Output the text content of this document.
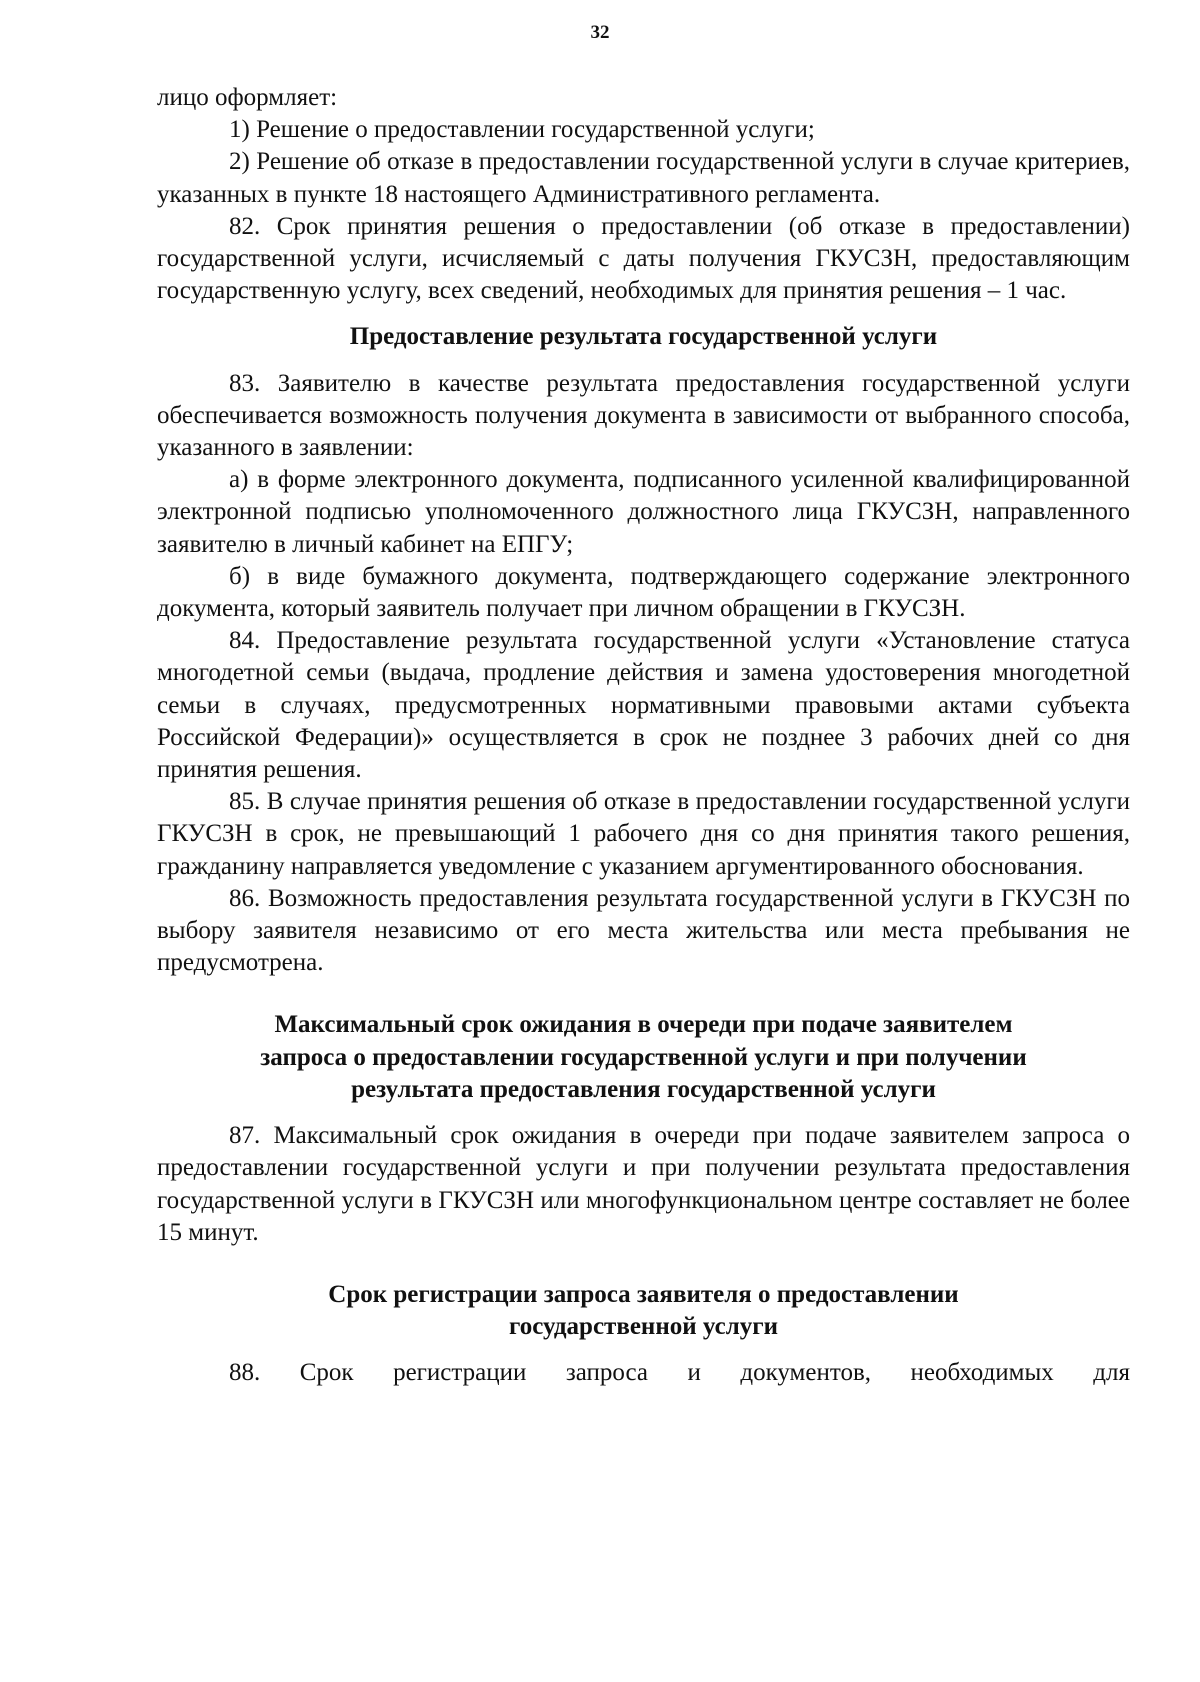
32

лицо оформляет:

1) Решение о предоставлении государственной услуги;

2) Решение об отказе в предоставлении государственной услуги в случае критериев, указанных в пункте 18 настоящего Административного регламента.

82. Срок принятия решения о предоставлении (об отказе в предоставлении) государственной услуги, исчисляемый с даты получения ГКУСЗН, предоставляющим государственную услугу, всех сведений, необходимых для принятия решения – 1 час.

Предоставление результата государственной услуги

83. Заявителю в качестве результата предоставления государственной услуги обеспечивается возможность получения документа в зависимости от выбранного способа, указанного в заявлении:

а) в форме электронного документа, подписанного усиленной квалифицированной электронной подписью уполномоченного должностного лица ГКУСЗН, направленного заявителю в личный кабинет на ЕПГУ;

б) в виде бумажного документа, подтверждающего содержание электронного документа, который заявитель получает при личном обращении в ГКУСЗН.

84. Предоставление результата государственной услуги «Установление статуса многодетной семьи (выдача, продление действия и замена удостоверения многодетной семьи в случаях, предусмотренных нормативными правовыми актами субъекта Российской Федерации)» осуществляется в срок не позднее 3 рабочих дней со дня принятия решения.

85. В случае принятия решения об отказе в предоставлении государственной услуги ГКУСЗН в срок, не превышающий 1 рабочего дня со дня принятия такого решения, гражданину направляется уведомление с указанием аргументированного обоснования.

86. Возможность предоставления результата государственной услуги в ГКУСЗН по выбору заявителя независимо от его места жительства или места пребывания не предусмотрена.

Максимальный срок ожидания в очереди при подаче заявителем

запроса о предоставлении государственной услуги и при получении

результата предоставления государственной услуги

87. Максимальный срок ожидания в очереди при подаче заявителем запроса о предоставлении государственной услуги и при получении результата предоставления государственной услуги в ГКУСЗН или многофункциональном центре составляет не более 15 минут.

Срок регистрации запроса заявителя о предоставлении

государственной услуги

88. Срок регистрации запроса и документов, необходимых для
